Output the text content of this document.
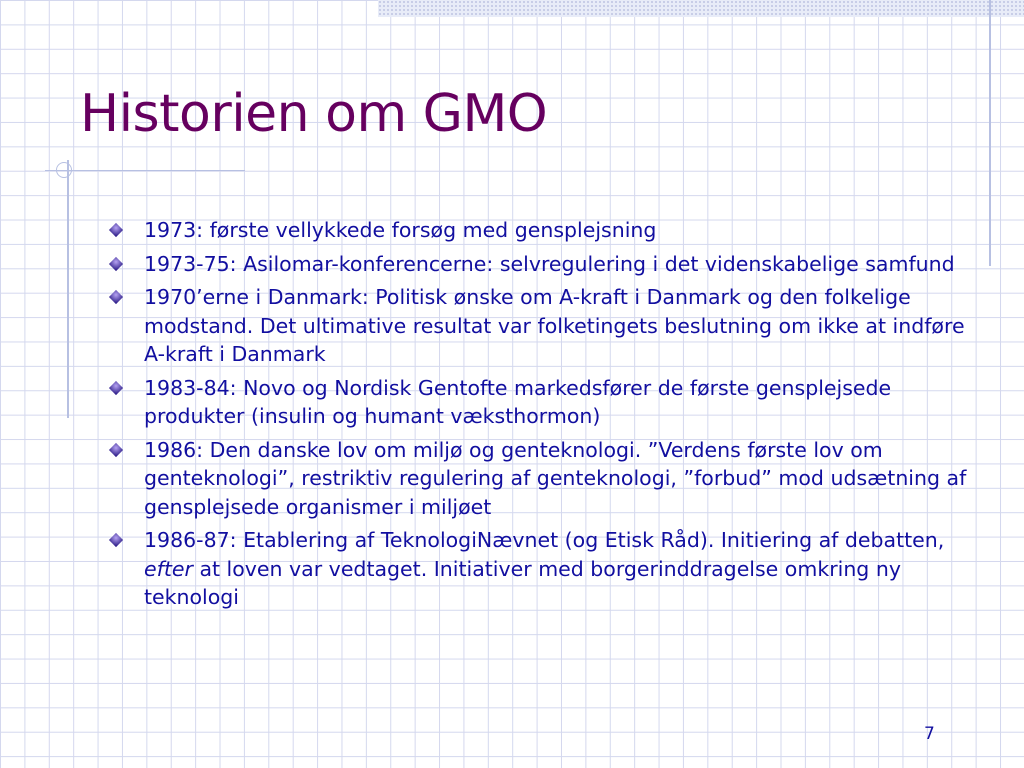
Historien om GMO
1973: første vellykkede forsøg med gensplejsning
1973-75: Asilomar-konferencerne: selvregulering i det videnskabelige samfund
1970’erne i Danmark: Politisk ønske om A-kraft i Danmark og den folkelige modstand. Det ultimative resultat var folketingets beslutning om ikke at indføre A-kraft i Danmark
1983-84: Novo og Nordisk Gentofte markedsfører de første gensplejsede produkter (insulin og humant væksthormon)
1986: Den danske lov om miljø og genteknologi. ”Verdens første lov om genteknologi”, restriktiv regulering af genteknologi, ”forbud” mod udsætning af gensplejsede organismer i miljøet
1986-87: Etablering af TeknologiNævnet (og Etisk Råd). Initiering af debatten, efter at loven var vedtaget. Initiativer med borgerinddragelse omkring ny teknologi
7
